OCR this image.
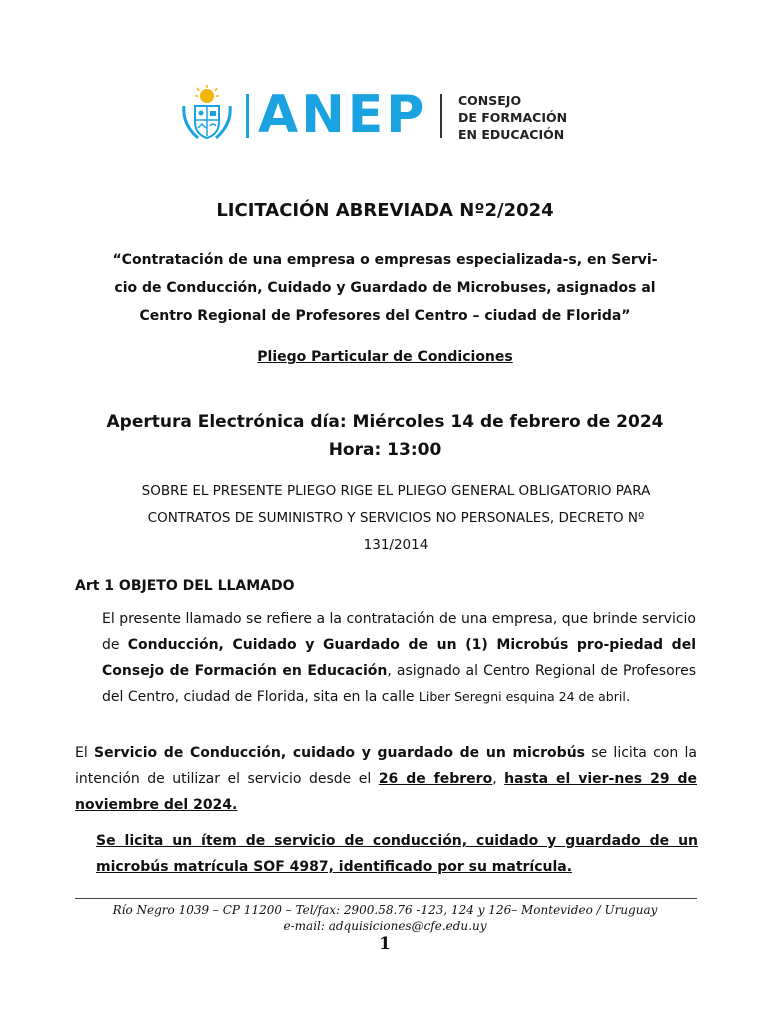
ANEP CONSEJO
DE FORMACIÓN
EN EDUCACIÓN
LICITACIÓN ABREVIADA Nº2/2024
“Contratación de una empresa o empresas especializada-s, en Servi-
cio de Conducción, Cuidado y Guardado de Microbuses, asignados al
Centro Regional de Profesores del Centro – ciudad de Florida”
Pliego Particular de Condiciones
Apertura Electrónica día: Miércoles 14 de febrero de 2024
Hora: 13:00
SOBRE EL PRESENTE PLIEGO RIGE EL PLIEGO GENERAL OBLIGATORIO PARA
CONTRATOS DE SUMINISTRO Y SERVICIOS NO PERSONALES, DECRETO Nº
131/2014
Art 1 OBJETO DEL LLAMADO
El presente llamado se refiere a la contratación de una empresa, que brinde servicio de Conducción, Cuidado y Guardado de un (1) Microbús pro-piedad del Consejo de Formación en Educación, asignado al Centro Regional de Profesores del Centro, ciudad de Florida, sita en la calle Liber Seregni esquina 24 de abril.
El Servicio de Conducción, cuidado y guardado de un microbús se licita con la intención de utilizar el servicio desde el 26 de febrero, hasta el vier-nes 29 de noviembre del 2024.
Se licita un ítem de servicio de conducción, cuidado y guardado de un microbús matrícula SOF 4987, identificado por su matrícula.
Río Negro 1039 – CP 11200 – Tel/fax: 2900.58.76 -123, 124 y 126– Montevideo / Uruguay
e-mail: adquisiciones@cfe.edu.uy
1
